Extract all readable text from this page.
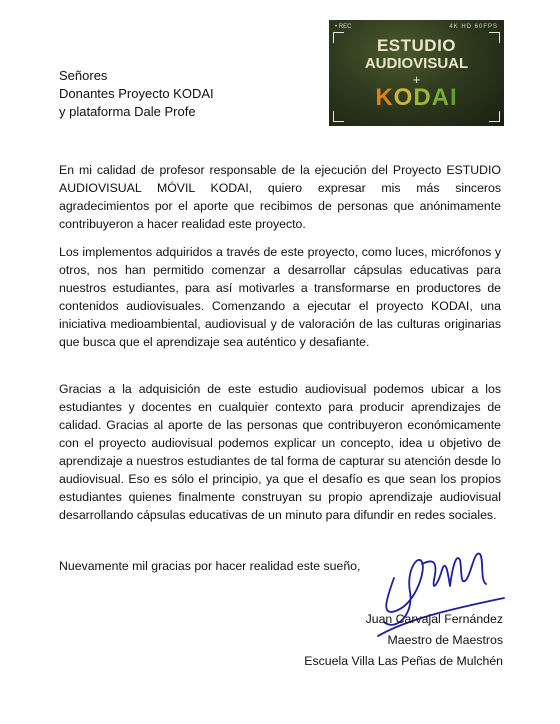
Señores
Donantes Proyecto KODAI
y plataforma Dale Profe
• REC	4K HD 60FPS
ESTUDIO
AUDIOVISUAL
+
KODAI

En mi calidad de profesor responsable de la ejecución del Proyecto ESTUDIO AUDIOVISUAL MÓVIL KODAI, quiero expresar mis más sinceros agradecimientos por el aporte que recibimos de personas que anónimamente contribuyeron a hacer realidad este proyecto.

Los implementos adquiridos a través de este proyecto, como luces, micrófonos y otros, nos han permitido comenzar a desarrollar cápsulas educativas para nuestros estudiantes, para así motivarles a transformarse en productores de contenidos audiovisuales. Comenzando a ejecutar el proyecto KODAI, una iniciativa medioambiental, audiovisual y de valoración de las culturas originarias que busca que el aprendizaje sea auténtico y desafiante.

Gracias a la adquisición de este estudio audiovisual podemos ubicar a los estudiantes y docentes en cualquier contexto para producir aprendizajes de calidad. Gracias al aporte de las personas que contribuyeron económicamente con el proyecto audiovisual podemos explicar un concepto, idea u objetivo de aprendizaje a nuestros estudiantes de tal forma de capturar su atención desde lo audiovisual. Eso es sólo el principio, ya que el desafío es que sean los propios estudiantes quienes finalmente construyan su propio aprendizaje audiovisual desarrollando cápsulas educativas de un minuto para difundir en redes sociales.

Nuevamente mil gracias por hacer realidad este sueño,

Juan Carvajal Fernández
Maestro de Maestros
Escuela Villa Las Peñas de Mulchén
